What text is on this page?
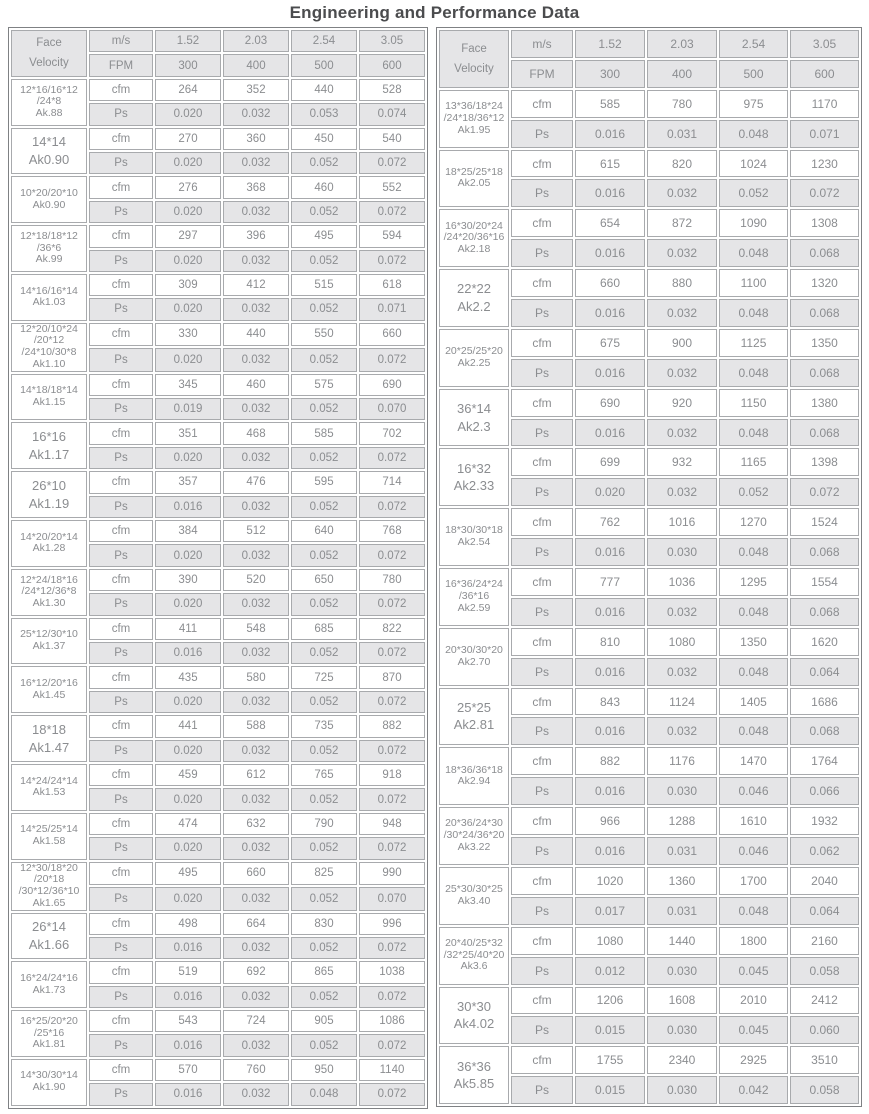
Engineering and Performance Data
Face
Velocity	m/s	1.52	2.03	2.54	3.05
	FPM	300	400	500	600

12*16/16*12
/24*8
Ak.88	cfm	264	352	440	528
	Ps	0.020	0.032	0.053	0.074

14*14
Ak0.90	cfm	270	360	450	540
	Ps	0.020	0.032	0.052	0.072

10*20/20*10
Ak0.90	cfm	276	368	460	552
	Ps	0.020	0.032	0.052	0.072

12*18/18*12
/36*6
Ak.99	cfm	297	396	495	594
	Ps	0.020	0.032	0.052	0.072

14*16/16*14
Ak1.03	cfm	309	412	515	618
	Ps	0.020	0.032	0.052	0.071

12*20/10*24
/20*12
/24*10/30*8
Ak1.10	cfm	330	440	550	660
	Ps	0.020	0.032	0.052	0.072

14*18/18*14
Ak1.15	cfm	345	460	575	690
	Ps	0.019	0.032	0.052	0.070

16*16
Ak1.17	cfm	351	468	585	702
	Ps	0.020	0.032	0.052	0.072

26*10
Ak1.19	cfm	357	476	595	714
	Ps	0.016	0.032	0.052	0.072

14*20/20*14
Ak1.28	cfm	384	512	640	768
	Ps	0.020	0.032	0.052	0.072

12*24/18*16
/24*12/36*8
Ak1.30	cfm	390	520	650	780
	Ps	0.020	0.032	0.052	0.072

25*12/30*10
Ak1.37	cfm	411	548	685	822
	Ps	0.016	0.032	0.052	0.072

16*12/20*16
Ak1.45	cfm	435	580	725	870
	Ps	0.020	0.032	0.052	0.072

18*18
Ak1.47	cfm	441	588	735	882
	Ps	0.020	0.032	0.052	0.072

14*24/24*14
Ak1.53	cfm	459	612	765	918
	Ps	0.020	0.032	0.052	0.072

14*25/25*14
Ak1.58	cfm	474	632	790	948
	Ps	0.020	0.032	0.052	0.072

12*30/18*20
/20*18
/30*12/36*10
Ak1.65	cfm	495	660	825	990
	Ps	0.020	0.032	0.052	0.070

26*14
Ak1.66	cfm	498	664	830	996
	Ps	0.016	0.032	0.052	0.072

16*24/24*16
Ak1.73	cfm	519	692	865	1038
	Ps	0.016	0.032	0.052	0.072

16*25/20*20
/25*16
Ak1.81	cfm	543	724	905	1086
	Ps	0.016	0.032	0.052	0.072

14*30/30*14
Ak1.90	cfm	570	760	950	1140
	Ps	0.016	0.032	0.048	0.072
Face
Velocity	m/s	1.52	2.03	2.54	3.05
	FPM	300	400	500	600

13*36/18*24
/24*18/36*12
Ak1.95	cfm	585	780	975	1170
	Ps	0.016	0.031	0.048	0.071

18*25/25*18
Ak2.05	cfm	615	820	1024	1230
	Ps	0.016	0.032	0.052	0.072

16*30/20*24
/24*20/36*16
Ak2.18	cfm	654	872	1090	1308
	Ps	0.016	0.032	0.048	0.068

22*22
Ak2.2	cfm	660	880	1100	1320
	Ps	0.016	0.032	0.048	0.068

20*25/25*20
Ak2.25	cfm	675	900	1125	1350
	Ps	0.016	0.032	0.048	0.068

36*14
Ak2.3	cfm	690	920	1150	1380
	Ps	0.016	0.032	0.048	0.068

16*32
Ak2.33	cfm	699	932	1165	1398
	Ps	0.020	0.032	0.052	0.072

18*30/30*18
Ak2.54	cfm	762	1016	1270	1524
	Ps	0.016	0.030	0.048	0.068

16*36/24*24
/36*16
Ak2.59	cfm	777	1036	1295	1554
	Ps	0.016	0.032	0.048	0.068

20*30/30*20
Ak2.70	cfm	810	1080	1350	1620
	Ps	0.016	0.032	0.048	0.064

25*25
Ak2.81	cfm	843	1124	1405	1686
	Ps	0.016	0.032	0.048	0.068

18*36/36*18
Ak2.94	cfm	882	1176	1470	1764
	Ps	0.016	0.030	0.046	0.066

20*36/24*30
/30*24/36*20
Ak3.22	cfm	966	1288	1610	1932
	Ps	0.016	0.031	0.046	0.062

25*30/30*25
Ak3.40	cfm	1020	1360	1700	2040
	Ps	0.017	0.031	0.048	0.064

20*40/25*32
/32*25/40*20
Ak3.6	cfm	1080	1440	1800	2160
	Ps	0.012	0.030	0.045	0.058

30*30
Ak4.02	cfm	1206	1608	2010	2412
	Ps	0.015	0.030	0.045	0.060

36*36
Ak5.85	cfm	1755	2340	2925	3510
	Ps	0.015	0.030	0.042	0.058
